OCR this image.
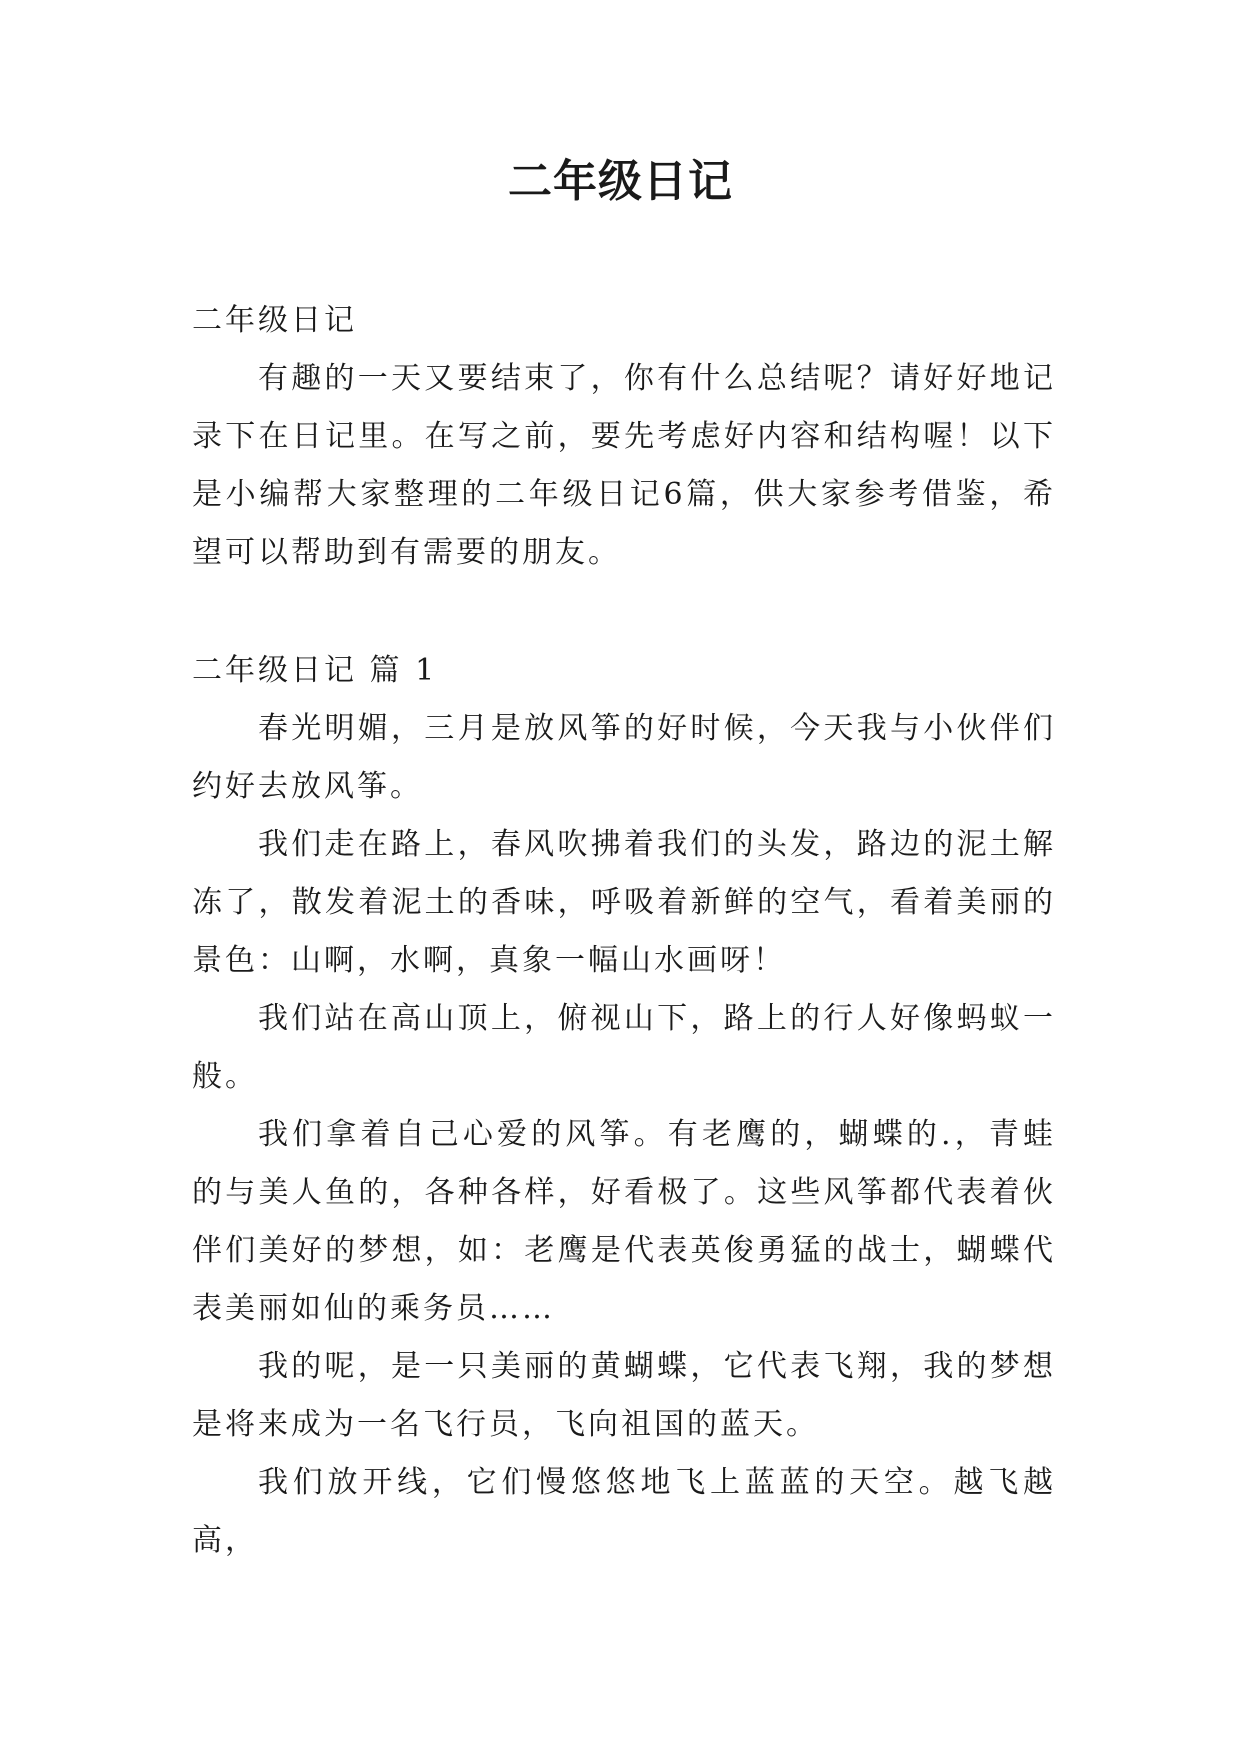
二年级日记

二年级日记

有趣的一天又要结束了，你有什么总结呢？请好好地记录下在日记里。在写之前，要先考虑好内容和结构喔！以下是小编帮大家整理的二年级日记6篇，供大家参考借鉴，希望可以帮助到有需要的朋友。

二年级日记 篇 1

春光明媚，三月是放风筝的好时候，今天我与小伙伴们约好去放风筝。

我们走在路上，春风吹拂着我们的头发，路边的泥土解冻了，散发着泥土的香味，呼吸着新鲜的空气，看着美丽的景色：山啊，水啊，真象一幅山水画呀！

我们站在高山顶上，俯视山下，路上的行人好像蚂蚁一般。

我们拿着自己心爱的风筝。有老鹰的，蝴蝶的.，青蛙的与美人鱼的，各种各样，好看极了。这些风筝都代表着伙伴们美好的梦想，如：老鹰是代表英俊勇猛的战士，蝴蝶代表美丽如仙的乘务员……

我的呢，是一只美丽的黄蝴蝶，它代表飞翔，我的梦想是将来成为一名飞行员，飞向祖国的蓝天。

我们放开线，它们慢悠悠地飞上蓝蓝的天空。越飞越高，
